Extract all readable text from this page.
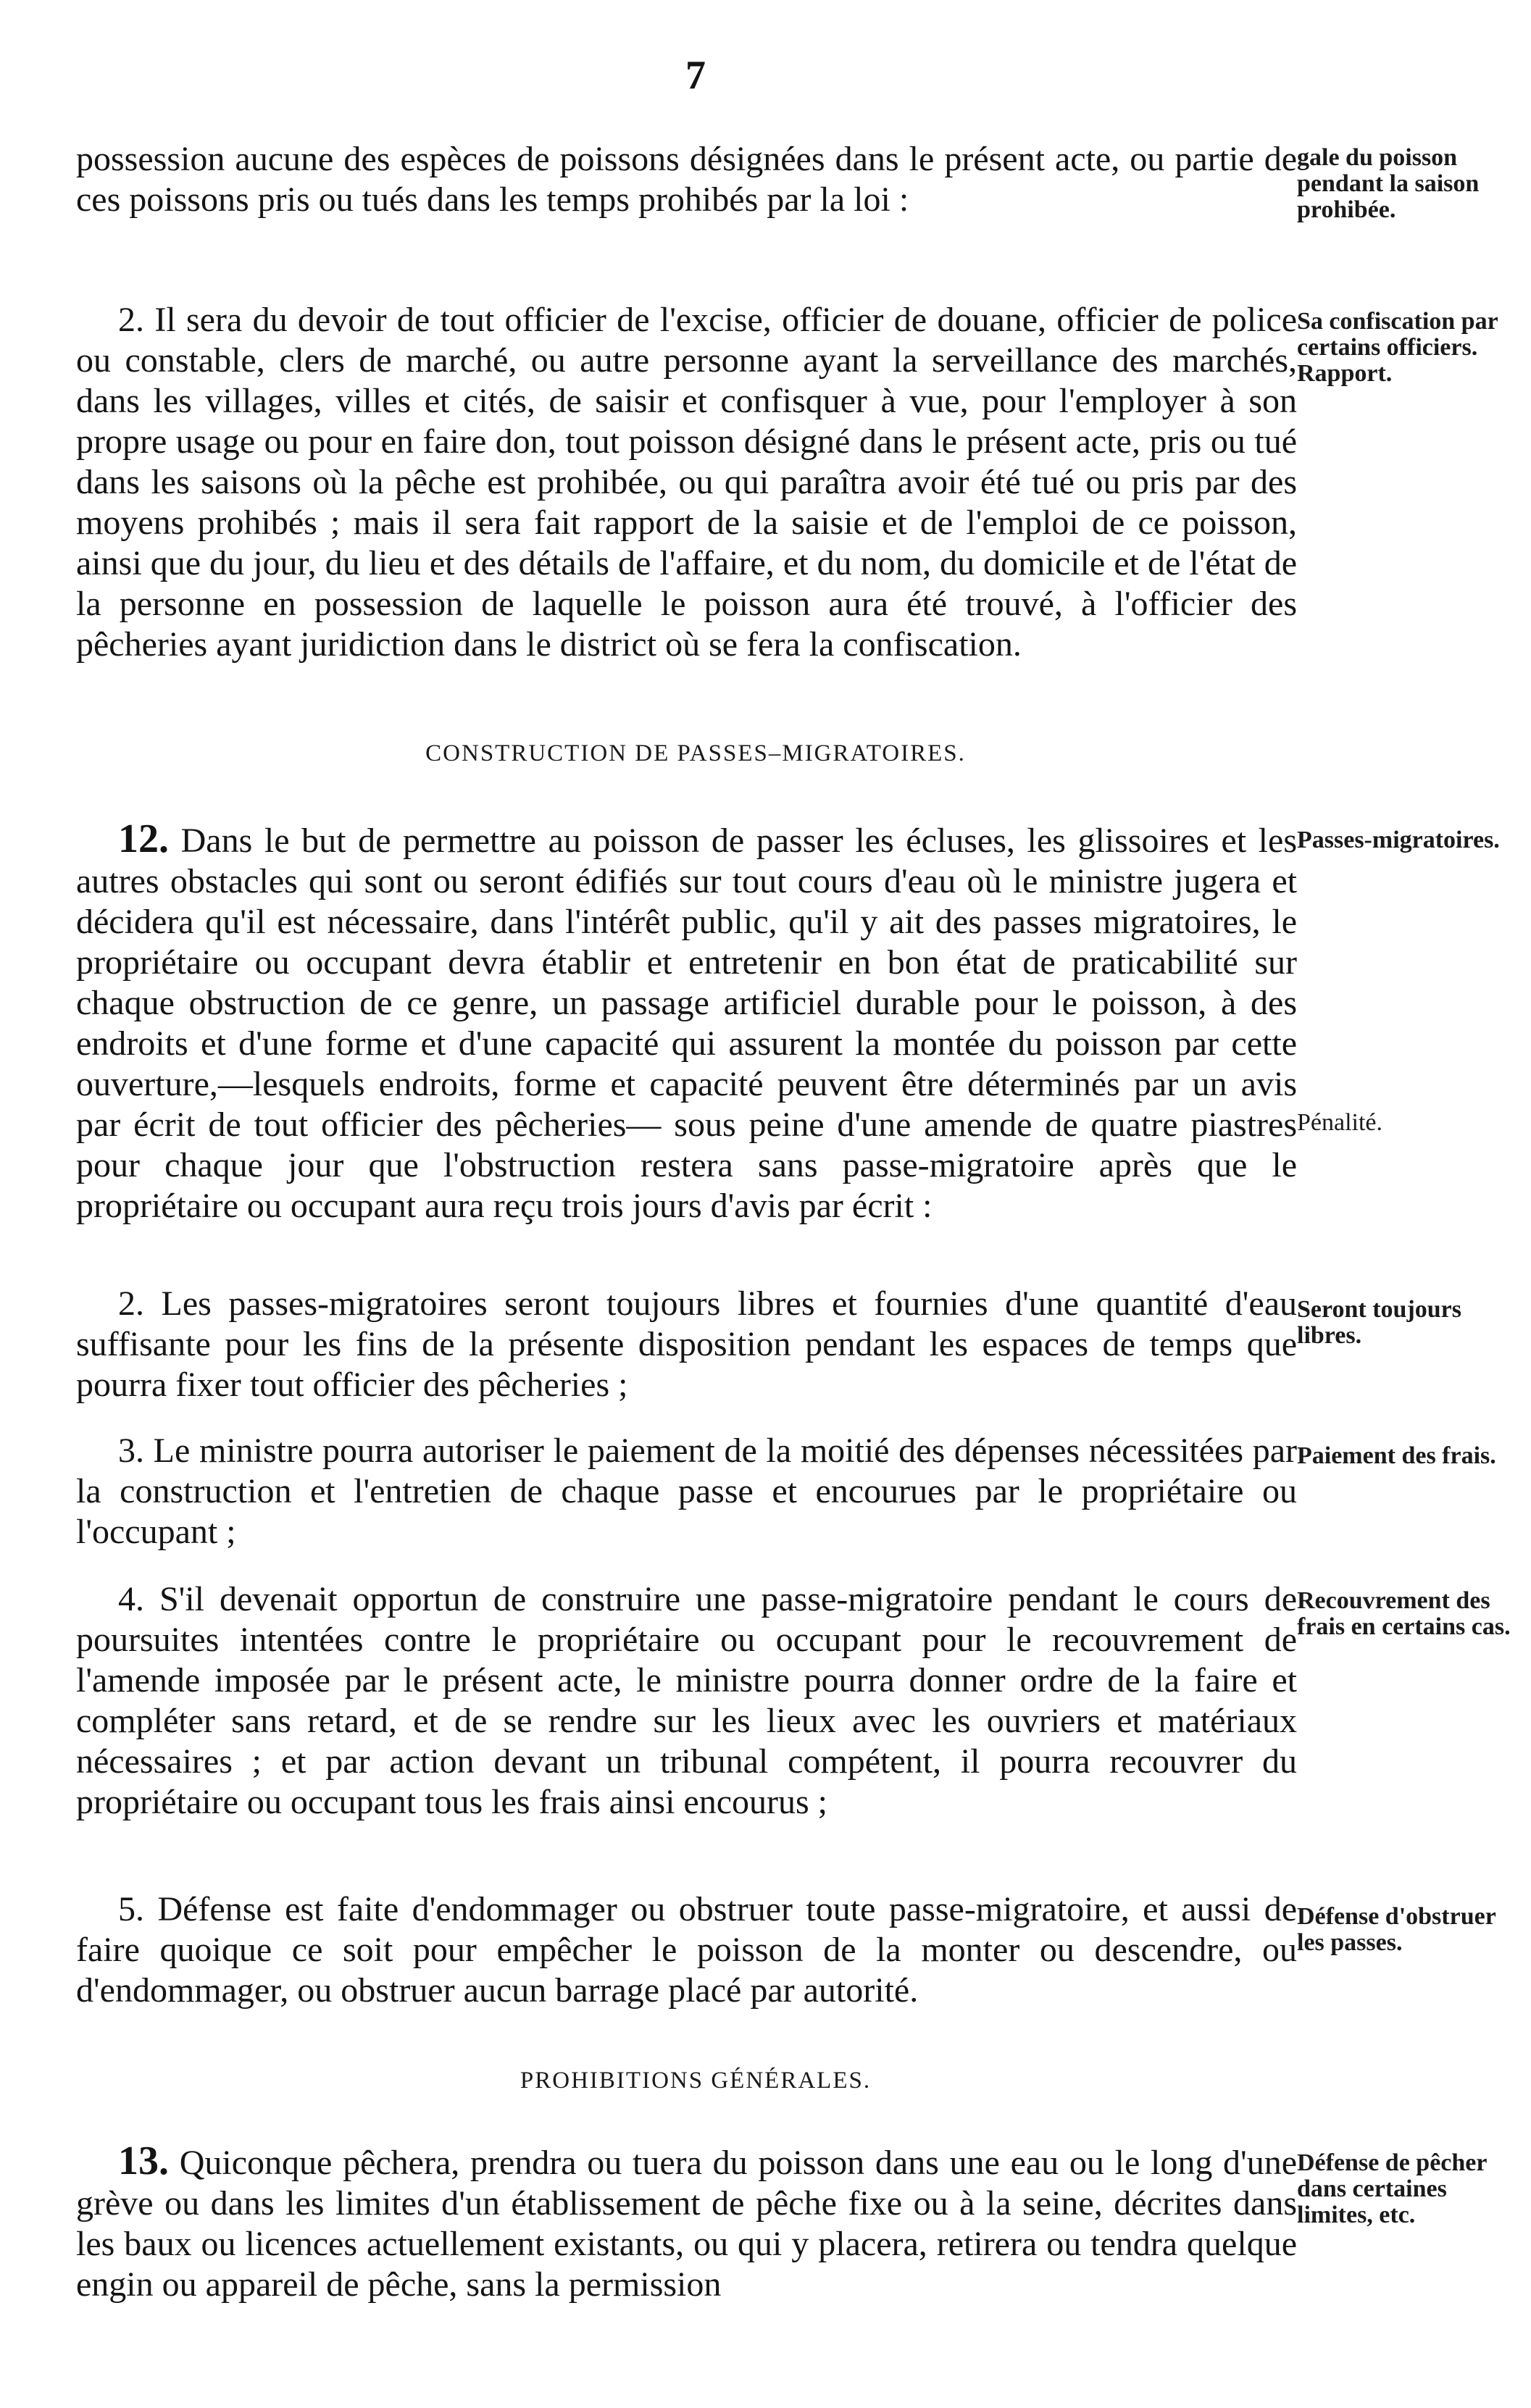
7

possession aucune des espèces de poissons désignées dans le présent acte, ou partie de ces poissons pris ou tués dans les temps prohibés par la loi :

gale du poisson pendant la saison prohibée.

2. Il sera du devoir de tout officier de l'excise, officier de douane, officier de police ou constable, clers de marché, ou autre personne ayant la serveillance des marchés, dans les villages, villes et cités, de saisir et confisquer à vue, pour l'employer à son propre usage ou pour en faire don, tout poisson désigné dans le présent acte, pris ou tué dans les saisons où la pêche est prohibée, ou qui paraîtra avoir été tué ou pris par des moyens prohibés ; mais il sera fait rapport de la saisie et de l'emploi de ce poisson, ainsi que du jour, du lieu et des détails de l'affaire, et du nom, du domicile et de l'état de la personne en possession de laquelle le poisson aura été trouvé, à l'officier des pêcheries ayant juridiction dans le district où se fera la confiscation.

Sa confiscation par certains officiers. Rapport.
CONSTRUCTION DE PASSES–MIGRATOIRES.

12. Dans le but de permettre au poisson de passer les écluses, les glissoires et les autres obstacles qui sont ou seront édifiés sur tout cours d'eau où le ministre jugera et décidera qu'il est nécessaire, dans l'intérêt public, qu'il y ait des passes migratoires, le propriétaire ou occupant devra établir et entretenir en bon état de praticabilité sur chaque obstruction de ce genre, un passage artificiel durable pour le poisson, à des endroits et d'une forme et d'une capacité qui assurent la montée du poisson par cette ouverture,—lesquels endroits, forme et capacité peuvent être déterminés par un avis par écrit de tout officier des pêcheries— sous peine d'une amende de quatre piastres pour chaque jour que l'obstruction restera sans passe-migratoire après que le propriétaire ou occupant aura reçu trois jours d'avis par écrit :

Passes-migratoires.
Pénalité.

2. Les passes-migratoires seront toujours libres et fournies d'une quantité d'eau suffisante pour les fins de la présente disposition pendant les espaces de temps que pourra fixer tout officier des pêcheries ;

Seront toujours libres.

3. Le ministre pourra autoriser le paiement de la moitié des dépenses nécessitées par la construction et l'entretien de chaque passe et encourues par le propriétaire ou l'occupant ;

Paiement des frais.

4. S'il devenait opportun de construire une passe-migratoire pendant le cours de poursuites intentées contre le propriétaire ou occupant pour le recouvrement de l'amende imposée par le présent acte, le ministre pourra donner ordre de la faire et compléter sans retard, et de se rendre sur les lieux avec les ouvriers et matériaux nécessaires ; et par action devant un tribunal compétent, il pourra recouvrer du propriétaire ou occupant tous les frais ainsi encourus ;

Recouvrement des frais en certains cas.

5. Défense est faite d'endommager ou obstruer toute passe-migratoire, et aussi de faire quoique ce soit pour empêcher le poisson de la monter ou descendre, ou d'endommager, ou obstruer aucun barrage placé par autorité.

Défense d'obstruer les passes.
PROHIBITIONS GÉNÉRALES.

13. Quiconque pêchera, prendra ou tuera du poisson dans une eau ou le long d'une grève ou dans les limites d'un établissement de pêche fixe ou à la seine, décrites dans les baux ou licences actuellement existants, ou qui y placera, retirera ou tendra quelque engin ou appareil de pêche, sans la permission

Défense de pêcher dans certaines limites, etc.
